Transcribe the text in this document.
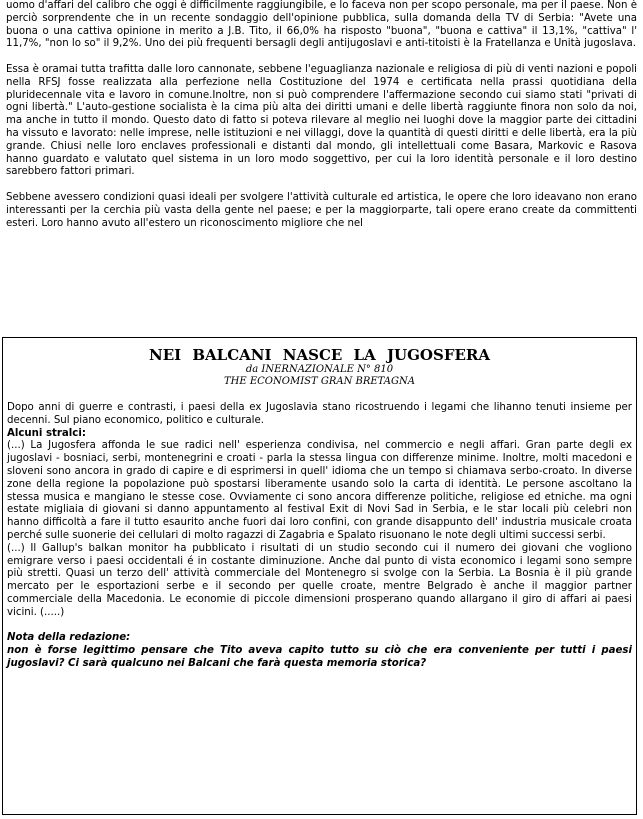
uomo d'affari del calibro che oggi è difficilmente raggiungibile, e lo faceva non per scopo personale, ma per il paese. Non è perciò sorprendente che in un recente sondaggio dell'opinione pubblica, sulla domanda della TV di Serbia: "Avete una buona o una cattiva opinione in merito a J.B. Tito, il 66,0% ha risposto "buona", "buona e cattiva" il 13,1%, "cattiva" l' 11,7%, "non lo so" il 9,2%. Uno dei più frequenti bersagli degli antijugoslavi e anti-titoisti è la Fratellanza e Unità jugoslava.

Essa è oramai tutta trafitta dalle loro cannonate, sebbene l'eguaglianza nazionale e religiosa di più di venti nazioni e popoli nella RFSJ fosse realizzata alla perfezione nella Costituzione del 1974 e certificata nella prassi quotidiana della pluridecennale vita e lavoro in comune.Inoltre, non si può comprendere l'affermazione secondo cui siamo stati "privati di ogni libertà." L'auto-gestione socialista è la cima più alta dei diritti umani e delle libertà raggiunte finora non solo da noi, ma anche in tutto il mondo. Questo dato di fatto si poteva rilevare al meglio nei luoghi dove la maggior parte dei cittadini ha vissuto e lavorato: nelle imprese, nelle istituzioni e nei villaggi, dove la quantità di questi diritti e delle libertà, era la più grande. Chiusi nelle loro enclaves professionali e distanti dal mondo, gli intellettuali come Basara, Markovic e Rasova hanno guardato e valutato quel sistema in un loro modo soggettivo, per cui la loro identità personale e il loro destino sarebbero fattori primari.

Sebbene avessero condizioni quasi ideali per svolgere l'attività culturale ed artistica, le opere che loro ideavano non erano interessanti per la cerchia più vasta della gente nel paese; e per la maggiorparte, tali opere erano create da committenti esteri. Loro hanno avuto all'estero un riconoscimento migliore che nel

NEI BALCANI NASCE LA JUGOSFERA

da INERNAZIONALE N° 810

THE ECONOMIST GRAN BRETAGNA

Dopo anni di guerre e contrasti, i paesi della ex Jugoslavia stano ricostruendo i legami che lihanno tenuti insieme per decenni. Sul piano economico, politico e culturale.

Alcuni stralci:

(...) La Jugosfera affonda le sue radici nell' esperienza condivisa, nel commercio e negli affari. Gran parte degli ex jugoslavi - bosniaci, serbi, montenegrini e croati - parla la stessa lingua con differenze minime. Inoltre, molti macedoni e sloveni sono ancora in grado di capire e di esprimersi in quell' idioma che un tempo si chiamava serbo-croato. In diverse zone della regione la popolazione può spostarsi liberamente usando solo la carta di identità. Le persone ascoltano la stessa musica e mangiano le stesse cose. Ovviamente ci sono ancora differenze politiche, religiose ed etniche. ma ogni estate migliaia di giovani si danno appuntamento al festival Exit di Novi Sad in Serbia, e le star locali più celebri non hanno difficoltà a fare il tutto esaurito anche fuori dai loro confini, con grande disappunto dell' industria musicale croata perché sulle suonerie dei cellulari di molto ragazzi di Zagabria e Spalato risuonano le note degli ultimi successi serbi.

(...) Il Gallup's balkan monitor ha pubblicato i risultati di un studio secondo cui il numero dei giovani che vogliono emigrare verso i paesi occidentali é in costante diminuzione. Anche dal punto di vista economico i legami sono sempre più stretti. Quasi un terzo dell' attività commerciale del Montenegro si svolge con la Serbia. La Bosnia è il più grande mercato per le esportazioni serbe e il secondo per quelle croate, mentre Belgrado è anche il maggior partner commerciale della Macedonia. Le economie di piccole dimensioni prosperano quando allargano il giro di affari ai paesi vicini. (.....)

Nota della redazione:

non è forse legittimo pensare che Tito aveva capito tutto su ciò che era conveniente per tutti i paesi jugoslavi? Ci sarà qualcuno nei Balcani che farà questa memoria storica?
